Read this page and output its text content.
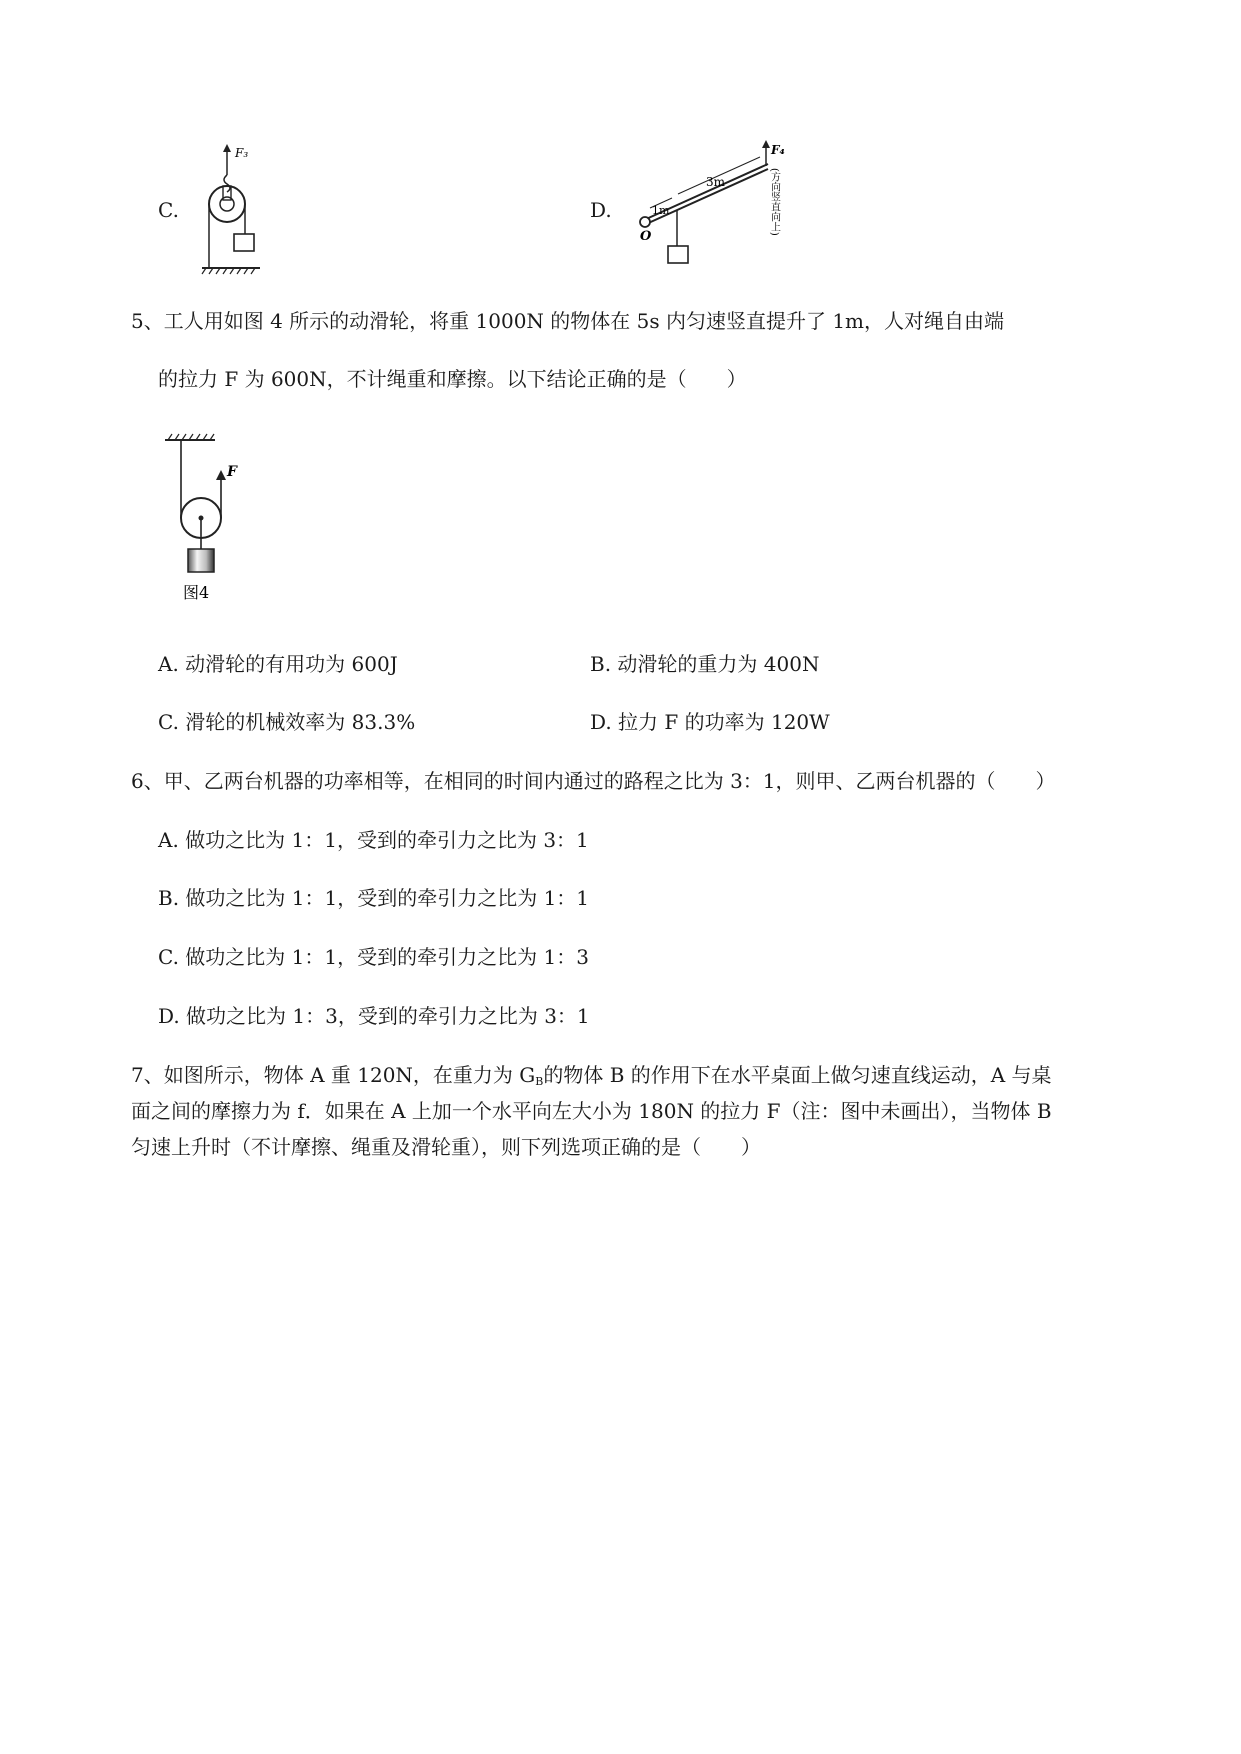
C.
F₃
D.
O
1m
3m
F₄
(方向竖直向上)
5、工人用如图 4 所示的动滑轮，将重 1000N 的物体在 5s 内匀速竖直提升了 1m，人对绳自由端
的拉力 F 为 600N，不计绳重和摩擦。以下结论正确的是（　　）
F
图4
A. 动滑轮的有用功为 600J	B. 动滑轮的重力为 400N
C. 滑轮的机械效率为 83.3%	D. 拉力 F 的功率为 120W
6、甲、乙两台机器的功率相等，在相同的时间内通过的路程之比为 3：1，则甲、乙两台机器的（　　）
A. 做功之比为 1：1，受到的牵引力之比为 3：1
B. 做功之比为 1：1，受到的牵引力之比为 1：1
C. 做功之比为 1：1，受到的牵引力之比为 1：3
D. 做功之比为 1：3，受到的牵引力之比为 3：1
7、如图所示，物体 A 重 120N，在重力为 $G_B$的物体 B 的作用下在水平桌面上做匀速直线运动，A 与桌
面之间的摩擦力为 f．如果在 A 上加一个水平向左大小为 180N 的拉力 F（注：图中未画出），当物体 B
匀速上升时（不计摩擦、绳重及滑轮重），则下列选项正确的是（　　）
